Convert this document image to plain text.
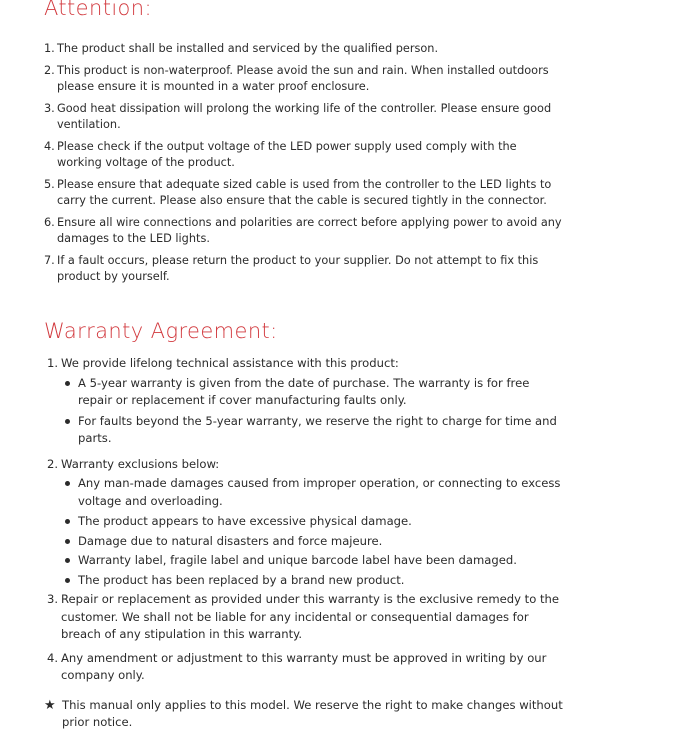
Attention:
1. The product shall be installed and serviced by the qualified person.
2. This product is non-waterproof. Please avoid the sun and rain. When installed outdoors please ensure it is mounted in a water proof enclosure.
3. Good heat dissipation will prolong the working life of the controller. Please ensure good ventilation.
4. Please check if the output voltage of the LED power supply used comply with the working voltage of the product.
5. Please ensure that adequate sized cable is used from the controller to the LED lights to carry the current. Please also ensure that the cable is secured tightly in the connector.
6. Ensure all wire connections and polarities are correct before applying power to avoid any damages to the LED lights.
7. If a fault occurs, please return the product to your supplier. Do not attempt to fix this product by yourself.
Warranty Agreement:
1. We provide lifelong technical assistance with this product:
A 5-year warranty is given from the date of purchase. The warranty is for free repair or replacement if cover manufacturing faults only.
For faults beyond the 5-year warranty, we reserve the right to charge for time and parts.
2. Warranty exclusions below:
Any man-made damages caused from improper operation, or connecting to excess voltage and overloading.
The product appears to have excessive physical damage.
Damage due to natural disasters and force majeure.
Warranty label, fragile label and unique barcode label have been damaged.
The product has been replaced by a brand new product.
3. Repair or replacement as provided under this warranty is the exclusive remedy to the customer. We shall not be liable for any incidental or consequential damages for breach of any stipulation in this warranty.
4. Any amendment or adjustment to this warranty must be approved in writing by our company only.
★ This manual only applies to this model. We reserve the right to make changes without prior notice.
